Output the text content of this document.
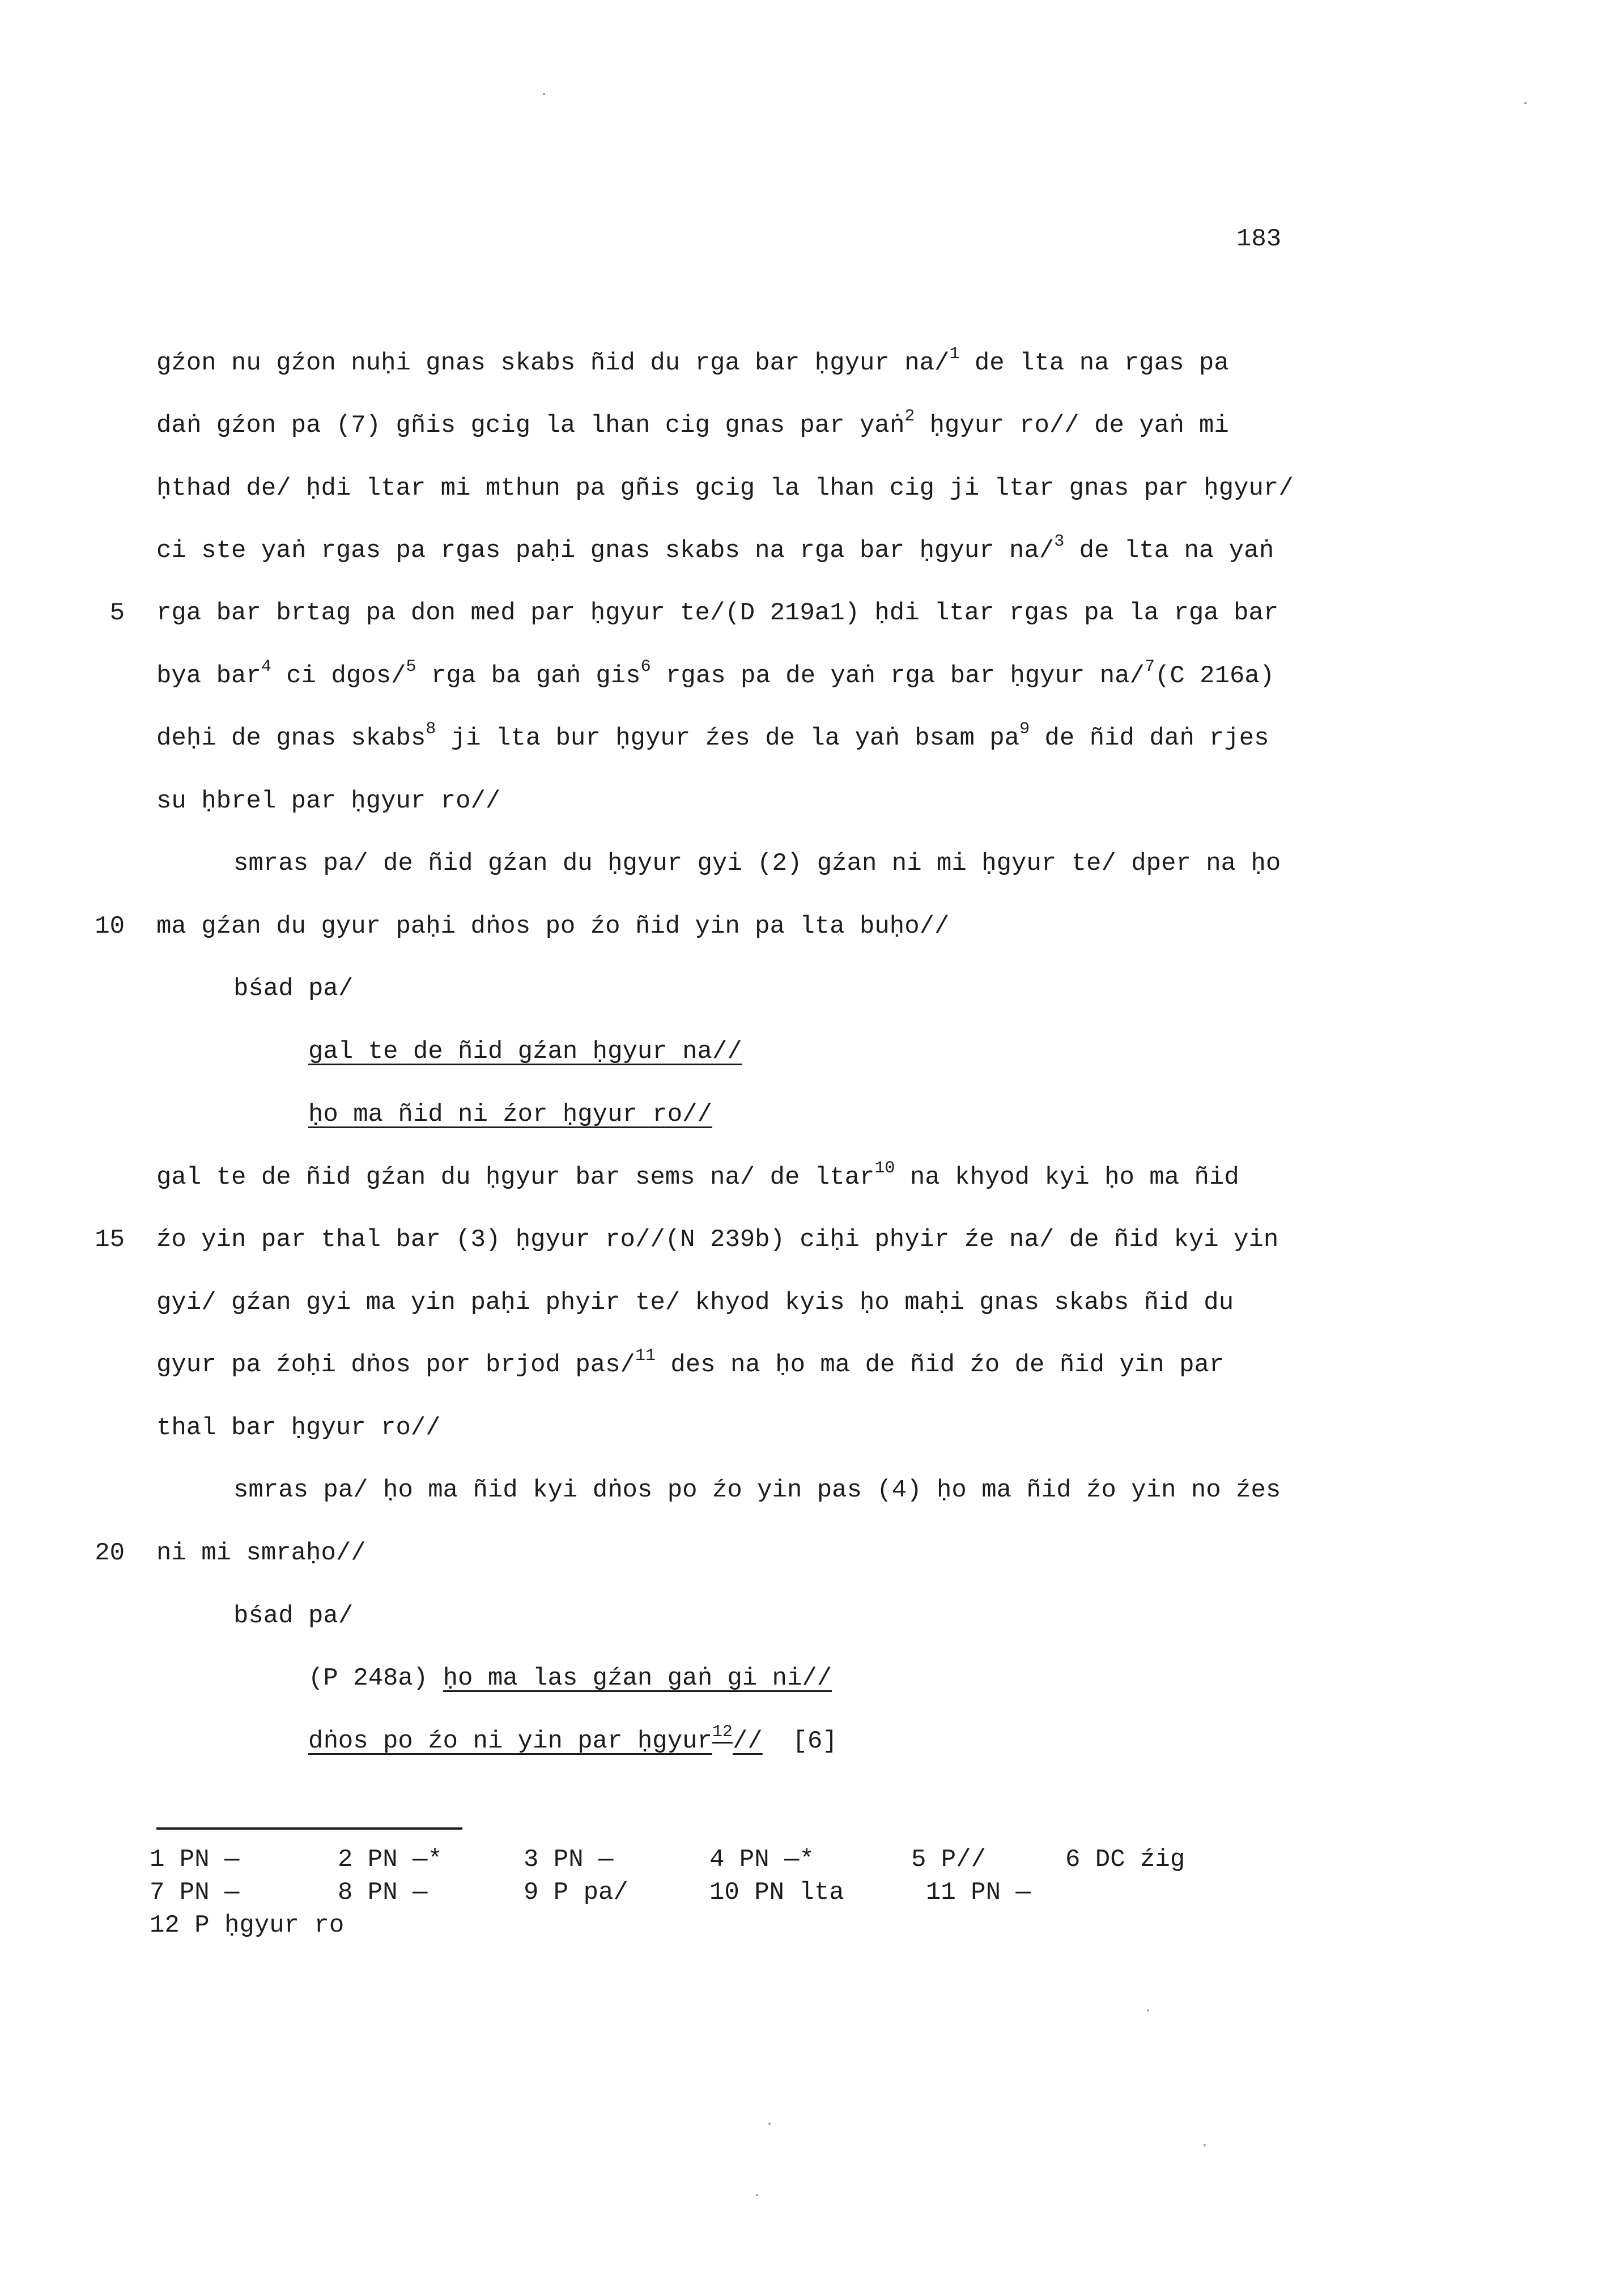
183
5
10
15
20
gźon nu gźon nuḥi gnas skabs ñid du rga bar ḥgyur na/$^1$ de lta na rgas pa
daṅ gźon pa (7) gñis gcig la lhan cig gnas par yaṅ$^2$ ḥgyur ro// de yaṅ mi
ḥthad de/ ḥdi ltar mi mthun pa gñis gcig la lhan cig ji ltar gnas par ḥgyur/
ci ste yaṅ rgas pa rgas paḥi gnas skabs na rga bar ḥgyur na/$^3$ de lta na yaṅ
rga bar brtag pa don med par ḥgyur te/(D 219a1) ḥdi ltar rgas pa la rga bar
bya bar$^4$ ci dgos/$^5$ rga ba gaṅ gis$^6$ rgas pa de yaṅ rga bar ḥgyur na/$^7$(C 216a)
deḥi de gnas skabs$^8$ ji lta bur ḥgyur źes de la yaṅ bsam $pa^9$ de ñid daṅ rjes
su ḥbrel par ḥgyur ro//
smras pa/ de ñid gźan du ḥgyur gyi (2) gźan ni mi ḥgyur te/ dper na ḥo
ma gźan du gyur paḥi dṅos po źo ñid yin pa lta buḥo//
bśad pa/
gal te de ñid gźan ḥgyur na//
ḥo ma ñid ni źor ḥgyur ro//
gal te de ñid gźan du ḥgyur bar sems na/ de ltar$^{10}$ na khyod kyi ḥo ma ñid
źo yin par thal bar (3) ḥgyur ro//(N 239b) ciḥi phyir źe na/ de ñid kyi yin
gyi/ gźan gyi ma yin paḥi phyir te/ khyod kyis ḥo maḥi gnas skabs ñid du
gyur pa źoḥi dṅos por brjod pas/$^{11}$ des na ḥo ma de ñid źo de ñid yin par
thal bar ḥgyur ro//
smras pa/ ḥo ma ñid kyi dṅos po źo yin pas (4) ḥo ma ñid źo yin no źes
ni mi smraḥo//
bśad pa/
(P 248a) ḥo ma las gźan gaṅ gi ni//
dṅos po źo ni yin par ḥgyur$^{12}$//  [6]
1 PN —	2 PN —*	3 PN —	4 PN —*	5 P//	6 DC źig
7 PN —	8 PN —	9 P pa/	10 PN lta	11 PN —
12 P ḥgyur ro
